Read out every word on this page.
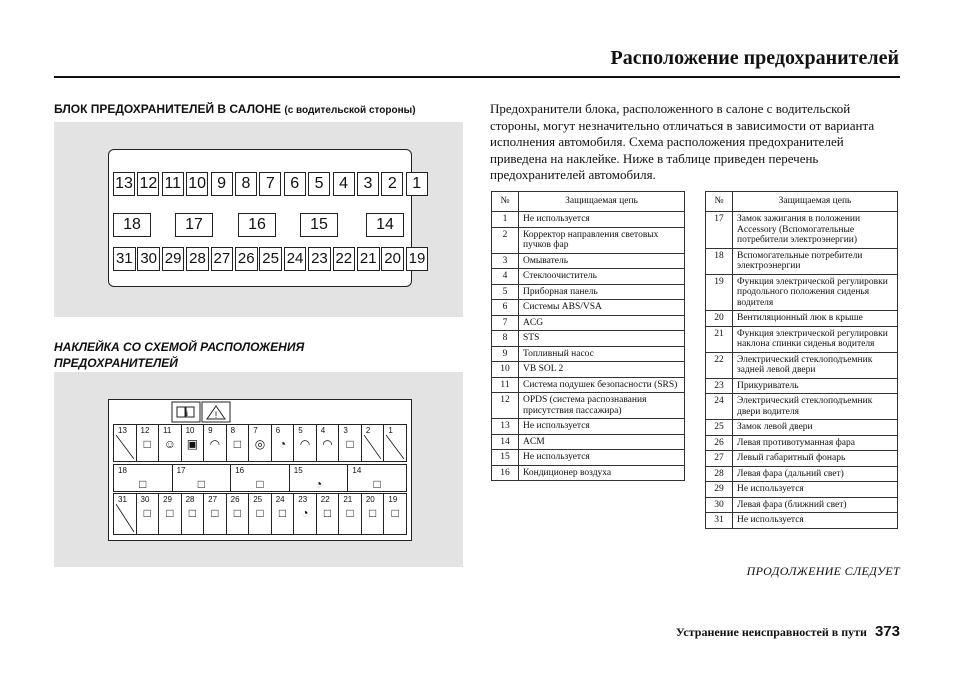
Расположение предохранителей
БЛОК ПРЕДОХРАНИТЕЛЕЙ В САЛОНЕ (с водительской стороны)
13 12 11 10 9 8 7 6 5 4 3 2 1
18	17	16	15	14
31 30 29 28 27 26 25 24 23 22 21 20 19
НАКЛЕЙКА СО СХЕМОЙ РАСПОЛОЖЕНИЯ
ПРЕДОХРАНИТЕЛЕЙ
i	!
13	12
□
11
☺
10
▣
9
◠
8
□
7
◎
6
◔
5
◠
4
◠
3
□
2	1
18
□
17
□
16
□
15
◔
14
□
31	30
□
29
□
28
□
27
□
26
□
25
□
24
□
23
◔
22
□
21
□
20
□
19
□
Предохранители блока, расположенного в салоне с водительской стороны, могут незначительно отличаться в зависимости от варианта исполнения автомобиля. Схема расположения предохранителей приведена на наклейке. Ниже в таблице приведен перечень предохранителей автомобиля.
№	Защищаемая цепь
1	Не используется
2	Корректор направления световых пучков фар
3	Омыватель
4	Стеклоочиститель
5	Приборная панель
6	Системы ABS/VSA
7	ACG
8	STS
9	Топливный насос
10	VB SOL 2
11	Система подушек безопасности (SRS)
12	OPDS (система распознавания присутствия пассажира)
13	Не используется
14	ACM
15	Не используется
16	Кондиционер воздуха
№	Защищаемая цепь
17	Замок зажигания в положении Accessory (Вспомогательные потребители электроэнергии)
18	Вспомогательные потребители электроэнергии
19	Функция электрической регулировки продольного положения сиденья водителя
20	Вентиляционный люк в крыше
21	Функция электрической регулировки наклона спинки сиденья водителя
22	Электрический стеклоподъемник задней левой двери
23	Прикуриватель
24	Электрический стеклоподъемник двери водителя
25	Замок левой двери
26	Левая противотуманная фара
27	Левый габаритный фонарь
28	Левая фара (дальний свет)
29	Не используется
30	Левая фара (ближний свет)
31	Не используется
ПРОДОЛЖЕНИЕ СЛЕДУЕТ
Устранение неисправностей в пути 373
